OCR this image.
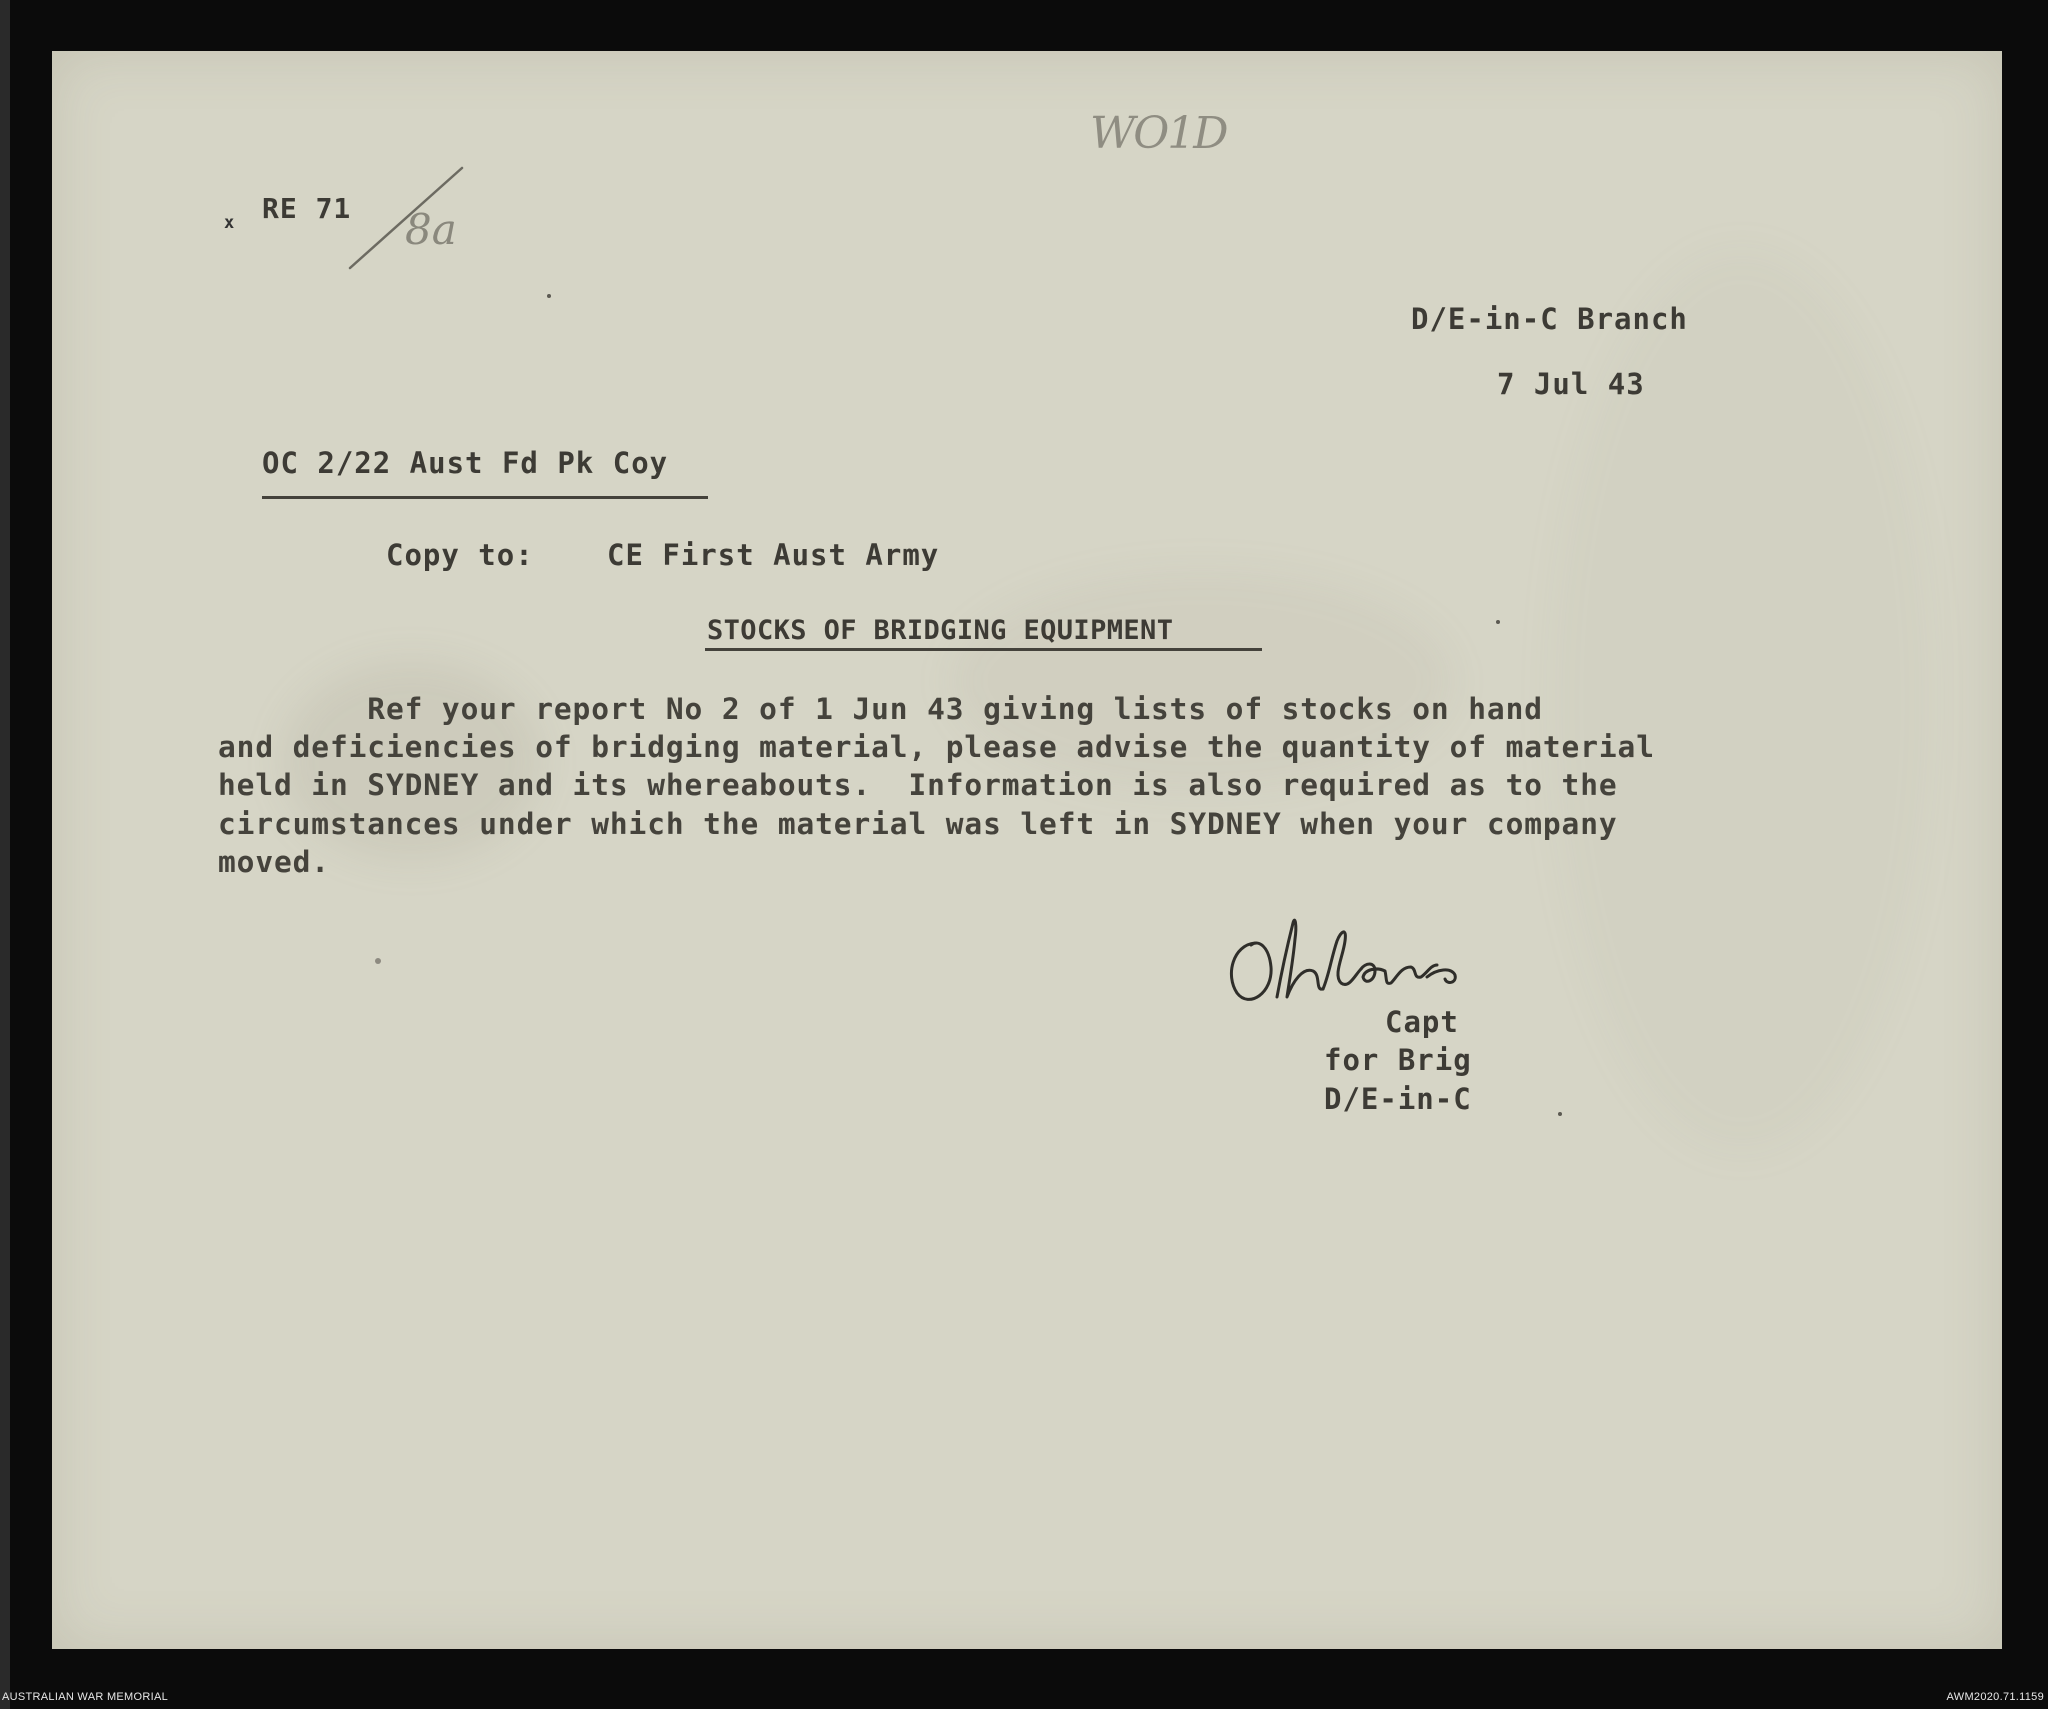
WO1D
x RE 71 8a
D/E-in-C Branch
7 Jul 43
OC 2/22 Aust Fd Pk Coy
Copy to:	CE First Aust Army
STOCKS OF BRIDGING EQUIPMENT
Ref your report No 2 of 1 Jun 43 giving lists of stocks on hand
and deficiencies of bridging material, please advise the quantity of material
held in SYDNEY and its whereabouts.  Information is also required as to the
circumstances under which the material was left in SYDNEY when your company
moved.
Capt
for Brig
D/E-in-C
AUSTRALIAN WAR MEMORIAL	AWM2020.71.1159
